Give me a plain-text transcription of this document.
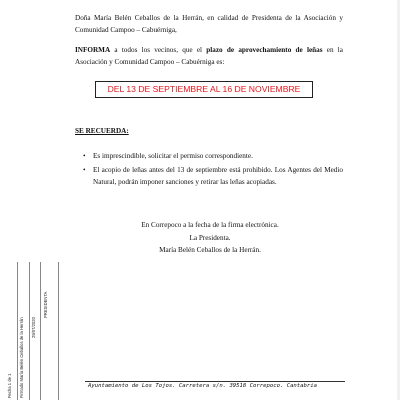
Doña María Belén Ceballos de la Herrán, en calidad de Presidenta de la Asociación y Comunidad Campoo – Cabuérniga,

INFORMA a todos los vecinos, que el plazo de aprovechamiento de leñas en la Asociación y Comunidad Campoo – Cabuérniga es:

DEL 13 DE SEPTIEMBRE AL 16 DE NOVIEMBRE
SE RECUERDA:
• Es imprescindible, solicitar el permiso correspondiente.
• El acopio de leñas antes del 13 de septiembre está prohibido. Los Agentes del Medio Natural, podrán imponer sanciones y retirar las leñas acopiadas.
En Correpoco a la fecha de la firma electrónica.
La Presidenta.
María Belén Ceballos de la Herrán.
Fecha 1 de 1 Firmado María Belén Ceballos de la Herrán 29/07/2020
PRESIDENTA
Ayuntamiento de Los Tojos. Carretera s/n. 39518 Correpoco. Cantabria
